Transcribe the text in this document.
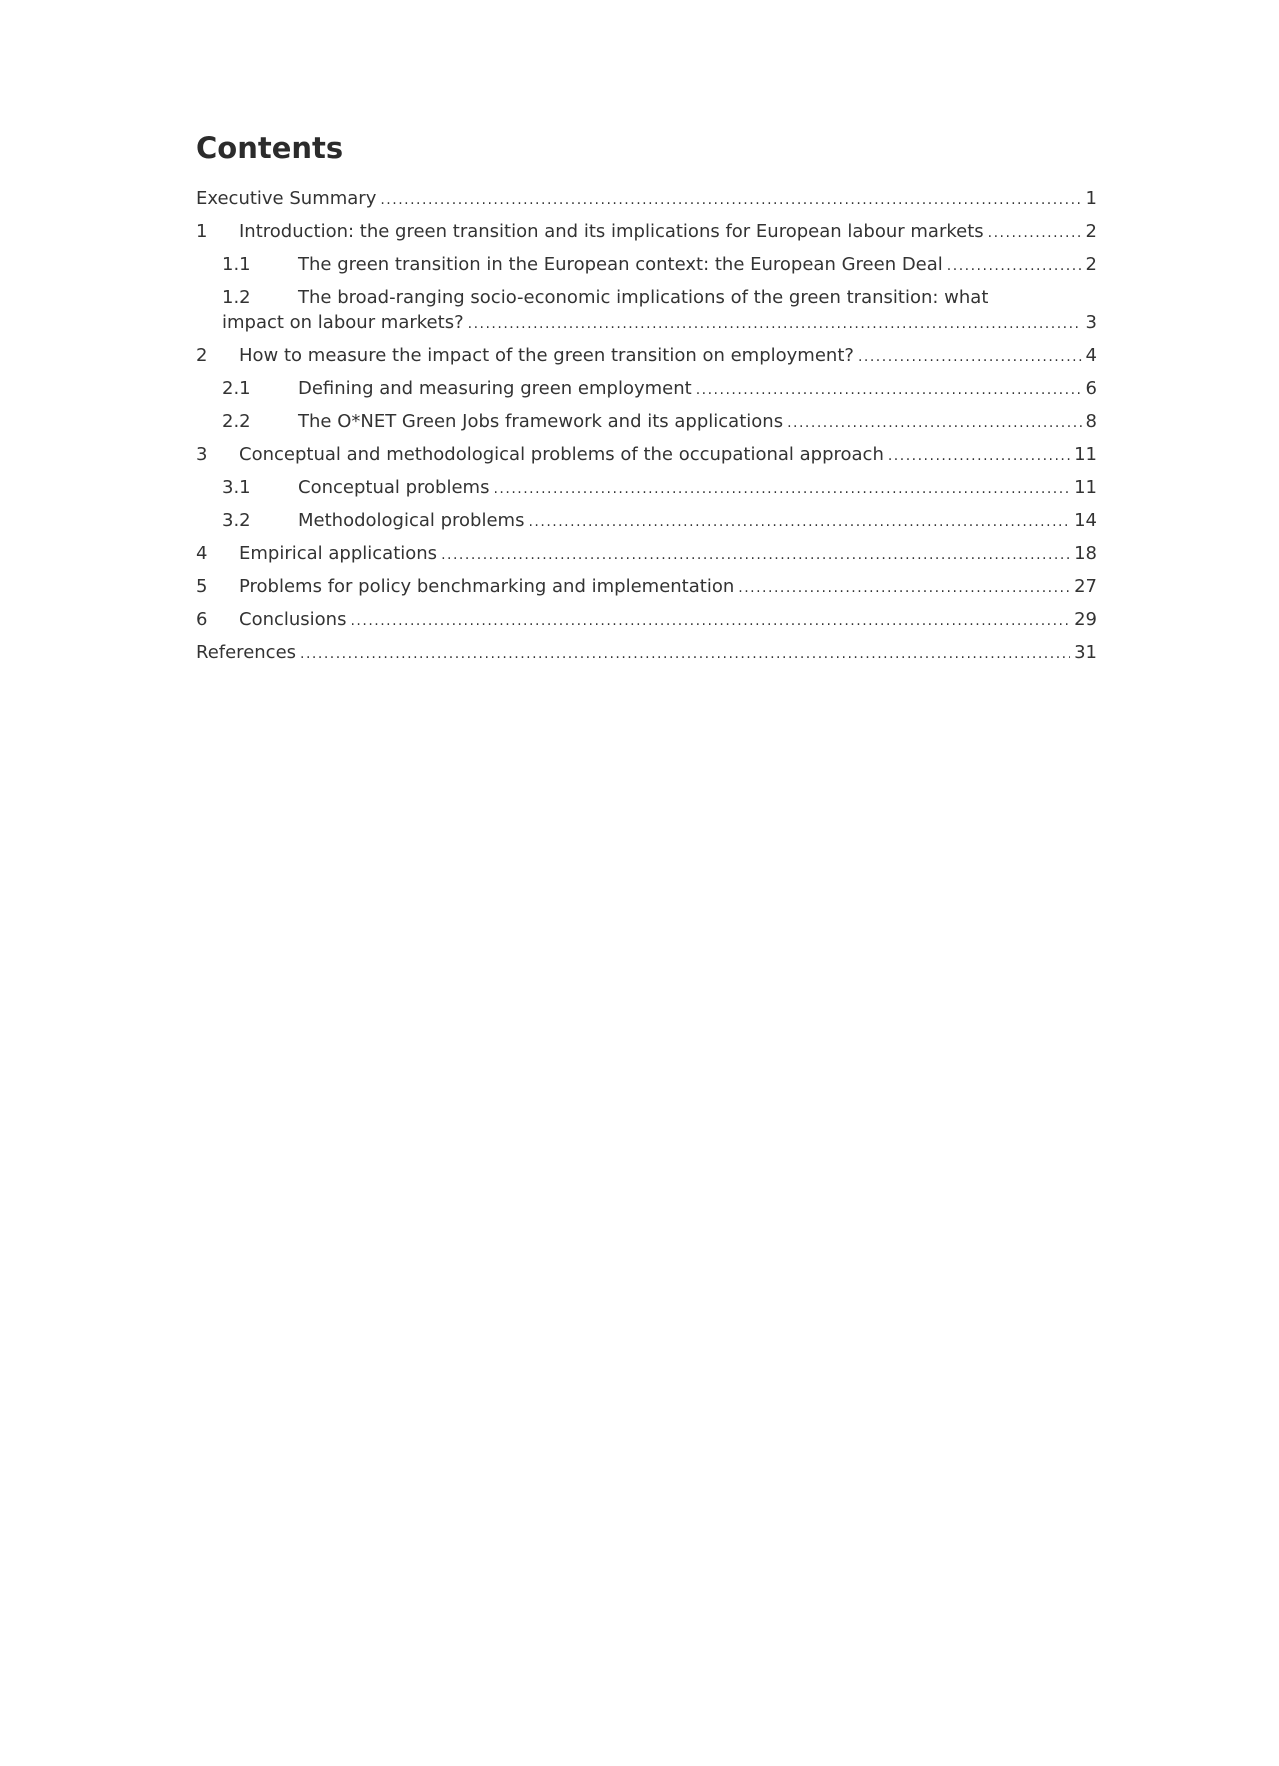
Contents
Executive Summary .....	1
1	Introduction: the green transition and its implications for European labour markets .....	2
1.1	The green transition in the European context: the European Green Deal .....	2
1.2	The broad-ranging socio-economic implications of the green transition: what
impact on labour markets? .....	3
2	How to measure the impact of the green transition on employment? .....	4
2.1	Defining and measuring green employment .....	6
2.2	The O*NET Green Jobs framework and its applications .....	8
3	Conceptual and methodological problems of the occupational approach .....	11
3.1	Conceptual problems .....	11
3.2	Methodological problems .....	14
4	Empirical applications .....	18
5	Problems for policy benchmarking and implementation .....	27
6	Conclusions .....	29
References .....	31
